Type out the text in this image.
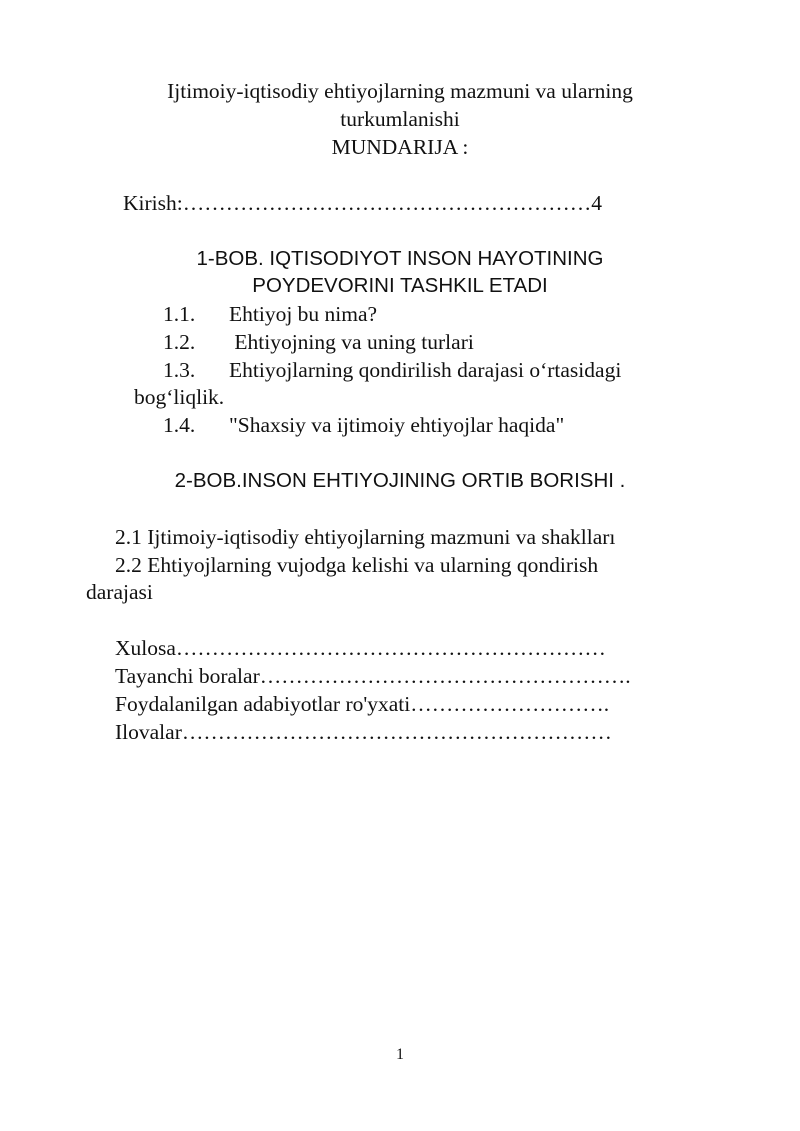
Ijtimoiy-iqtisodiy ehtiyojlarning mazmuni va ularning
turkumlanishi
MUNDARIJA :
Kirish:…………………………………………………4
1-BOB. IQTISODIYOT INSON HAYOTINING
POYDEVORINI TASHKIL ETADI
1.1. Ehtiyoj bu nima?
1.2. Ehtiyojning va uning turlari
1.3. Ehtiyojlarning qondirilish darajasi oʻrtasidagi
bogʻliqlik.
1.4. "Shaxsiy va ijtimoiy ehtiyojlar haqida"
2-BOB.INSON EHTIYOJINING ORTIB BORISHI .
2.1 Ijtimoiy-iqtisodiy ehtiyojlarning mazmuni va shaklları
2.2 Ehtiyojlarning vujodga kelishi va ularning qondirish
darajasi
Xulosa……………………………………………………
Tayanchi boralar…………………………………………….
Foydalanilgan adabiyotlar ro'yxati……………………….
Ilovalar……………………………………………………
1
